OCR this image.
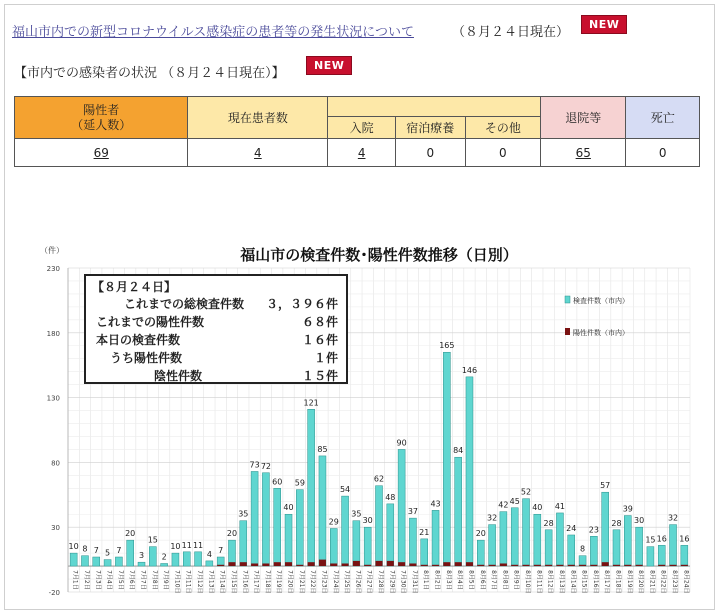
福山市内での新型コロナウイルス感染症の患者等の発生状況について	（８月２４日現在）
NEW
【市内での感染者の状況 （８月２４日現在）】
NEW
陽性者
（延人数）	現在患者数				退院等	死亡
		入院	宿泊療養	その他		
69	4	4	0	0	65	0
福山市の検査件数･陽性件数推移（日別）
（件）
-20
30
80
130
180
230
10
7月1日
8
7月2日
7
7月3日
5
7月4日
7
7月5日
20
7月6日
3
7月7日
15
7月8日
2
7月9日
10
7月10日
11
7月11日
11
7月12日
4
7月13日
7
7月14日
20
7月15日
35
7月16日
73
7月17日
72
7月18日
60
7月19日
40
7月20日
59
7月21日
121
7月22日
85
7月23日
29
7月24日
54
7月25日
35
7月26日
30
7月27日
62
7月28日
48
7月29日
90
7月30日
37
7月31日
21
8月1日
43
8月2日
165
8月3日
84
8月4日
146
8月5日
20
8月6日
32
8月7日
42
8月8日
45
8月9日
52
8月10日
40
8月11日
28
8月12日
41
8月13日
24
8月14日
8
8月15日
23
8月16日
57
8月17日
28
8月18日
39
8月19日
30
8月20日
15
8月21日
16
8月22日
32
8月23日
16
8月24日
検査件数（市内）
陽性件数（市内）
【８月２４日】
これまでの総検査件数	３，３９６件
これまでの陽性件数	６８件
本日の検査件数	１６件
うち陽性件数	１件
陰性件数	１５件
